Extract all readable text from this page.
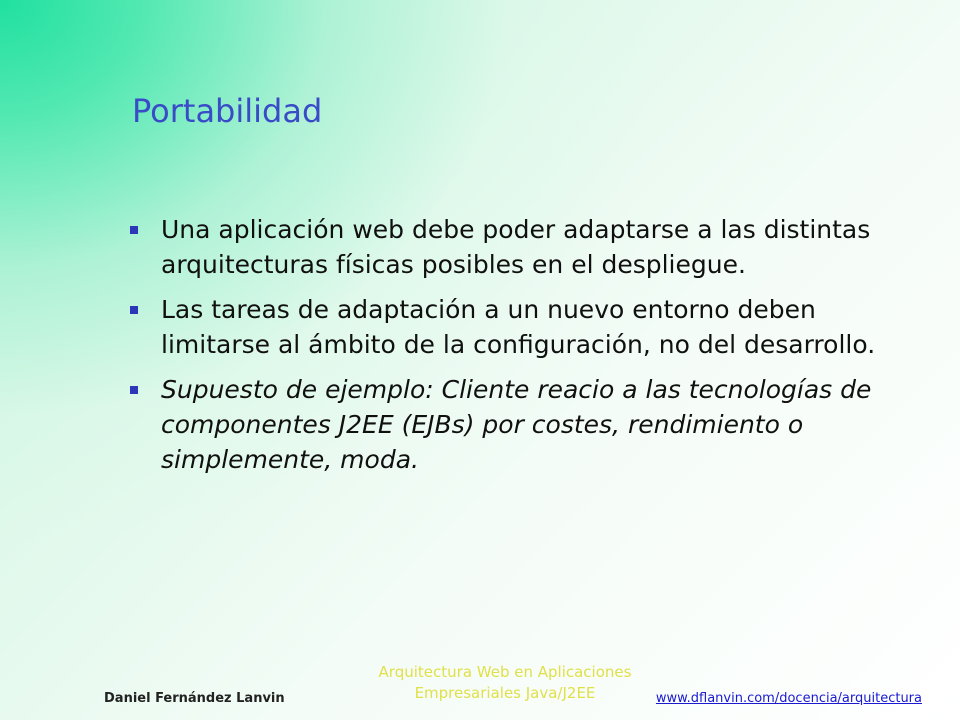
Portabilidad
Una aplicación web debe poder adaptarse a las distintas arquitecturas físicas posibles en el despliegue.
Las tareas de adaptación a un nuevo entorno deben limitarse al ámbito de la configuración, no del desarrollo.
Supuesto de ejemplo: Cliente reacio a las tecnologías de componentes J2EE (EJBs) por costes, rendimiento o simplemente, moda.
Daniel Fernández Lanvin
Arquitectura Web en Aplicaciones
Empresariales Java/J2EE	www.dflanvin.com/docencia/arquitectura
